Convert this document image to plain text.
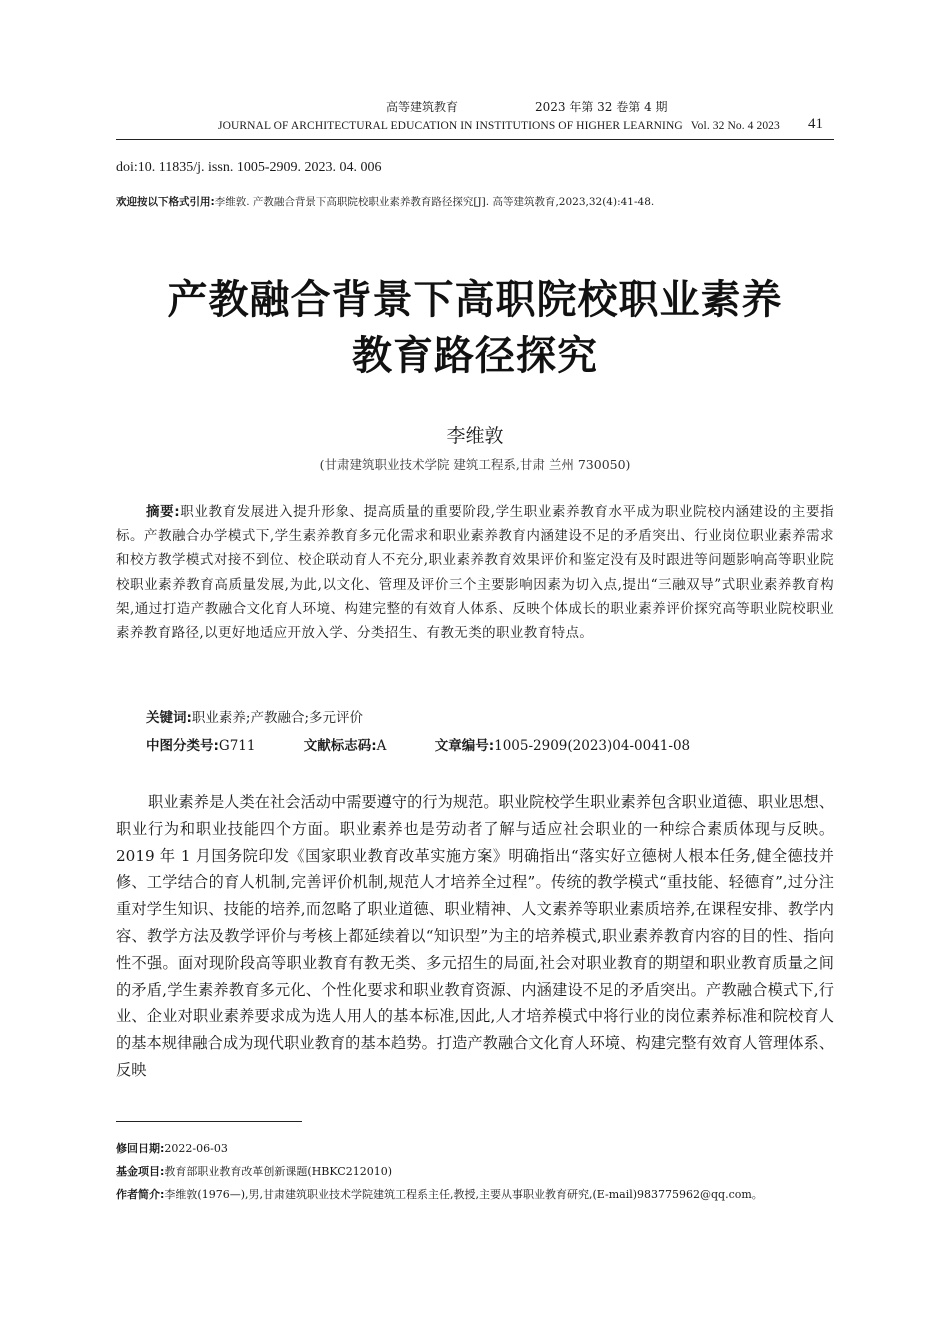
高等建筑教育	2023 年第 32 卷第 4 期
JOURNAL OF ARCHITECTURAL EDUCATION IN INSTITUTIONS OF HIGHER LEARNING Vol. 32 No. 4 2023 41
doi:10. 11835/j. issn. 1005-2909. 2023. 04. 006
欢迎按以下格式引用:李维敦. 产教融合背景下高职院校职业素养教育路径探究[J]. 高等建筑教育,2023,32(4):41-48.
产教融合背景下高职院校职业素养
教育路径探究
李维敦
(甘肃建筑职业技术学院 建筑工程系,甘肃 兰州 730050)
摘要:职业教育发展进入提升形象、提高质量的重要阶段,学生职业素养教育水平成为职业院校内涵建设的主要指标。产教融合办学模式下,学生素养教育多元化需求和职业素养教育内涵建设不足的矛盾突出、行业岗位职业素养需求和校方教学模式对接不到位、校企联动育人不充分,职业素养教育效果评价和鉴定没有及时跟进等问题影响高等职业院校职业素养教育高质量发展,为此,以文化、管理及评价三个主要影响因素为切入点,提出“三融双导”式职业素养教育构架,通过打造产教融合文化育人环境、构建完整的有效育人体系、反映个体成长的职业素养评价探究高等职业院校职业素养教育路径,以更好地适应开放入学、分类招生、有教无类的职业教育特点。
关键词:职业素养;产教融合;多元评价
中图分类号:G711	文献标志码:A	文章编号:1005-2909(2023)04-0041-08
职业素养是人类在社会活动中需要遵守的行为规范。职业院校学生职业素养包含职业道德、职业思想、职业行为和职业技能四个方面。职业素养也是劳动者了解与适应社会职业的一种综合素质体现与反映。2019 年 1 月国务院印发《国家职业教育改革实施方案》明确指出“落实好立德树人根本任务,健全德技并修、工学结合的育人机制,完善评价机制,规范人才培养全过程”。传统的教学模式“重技能、轻德育”,过分注重对学生知识、技能的培养,而忽略了职业道德、职业精神、人文素养等职业素质培养,在课程安排、教学内容、教学方法及教学评价与考核上都延续着以“知识型”为主的培养模式,职业素养教育内容的目的性、指向性不强。面对现阶段高等职业教育有教无类、多元招生的局面,社会对职业教育的期望和职业教育质量之间的矛盾,学生素养教育多元化、个性化要求和职业教育资源、内涵建设不足的矛盾突出。产教融合模式下,行业、企业对职业素养要求成为选人用人的基本标准,因此,人才培养模式中将行业的岗位素养标准和院校育人的基本规律融合成为现代职业教育的基本趋势。打造产教融合文化育人环境、构建完整有效育人管理体系、反映
修回日期:2022-06-03
基金项目:教育部职业教育改革创新课题(HBKC212010)
作者简介:李维敦(1976—),男,甘肃建筑职业技术学院建筑工程系主任,教授,主要从事职业教育研究,(E-mail)983775962@qq.com。
